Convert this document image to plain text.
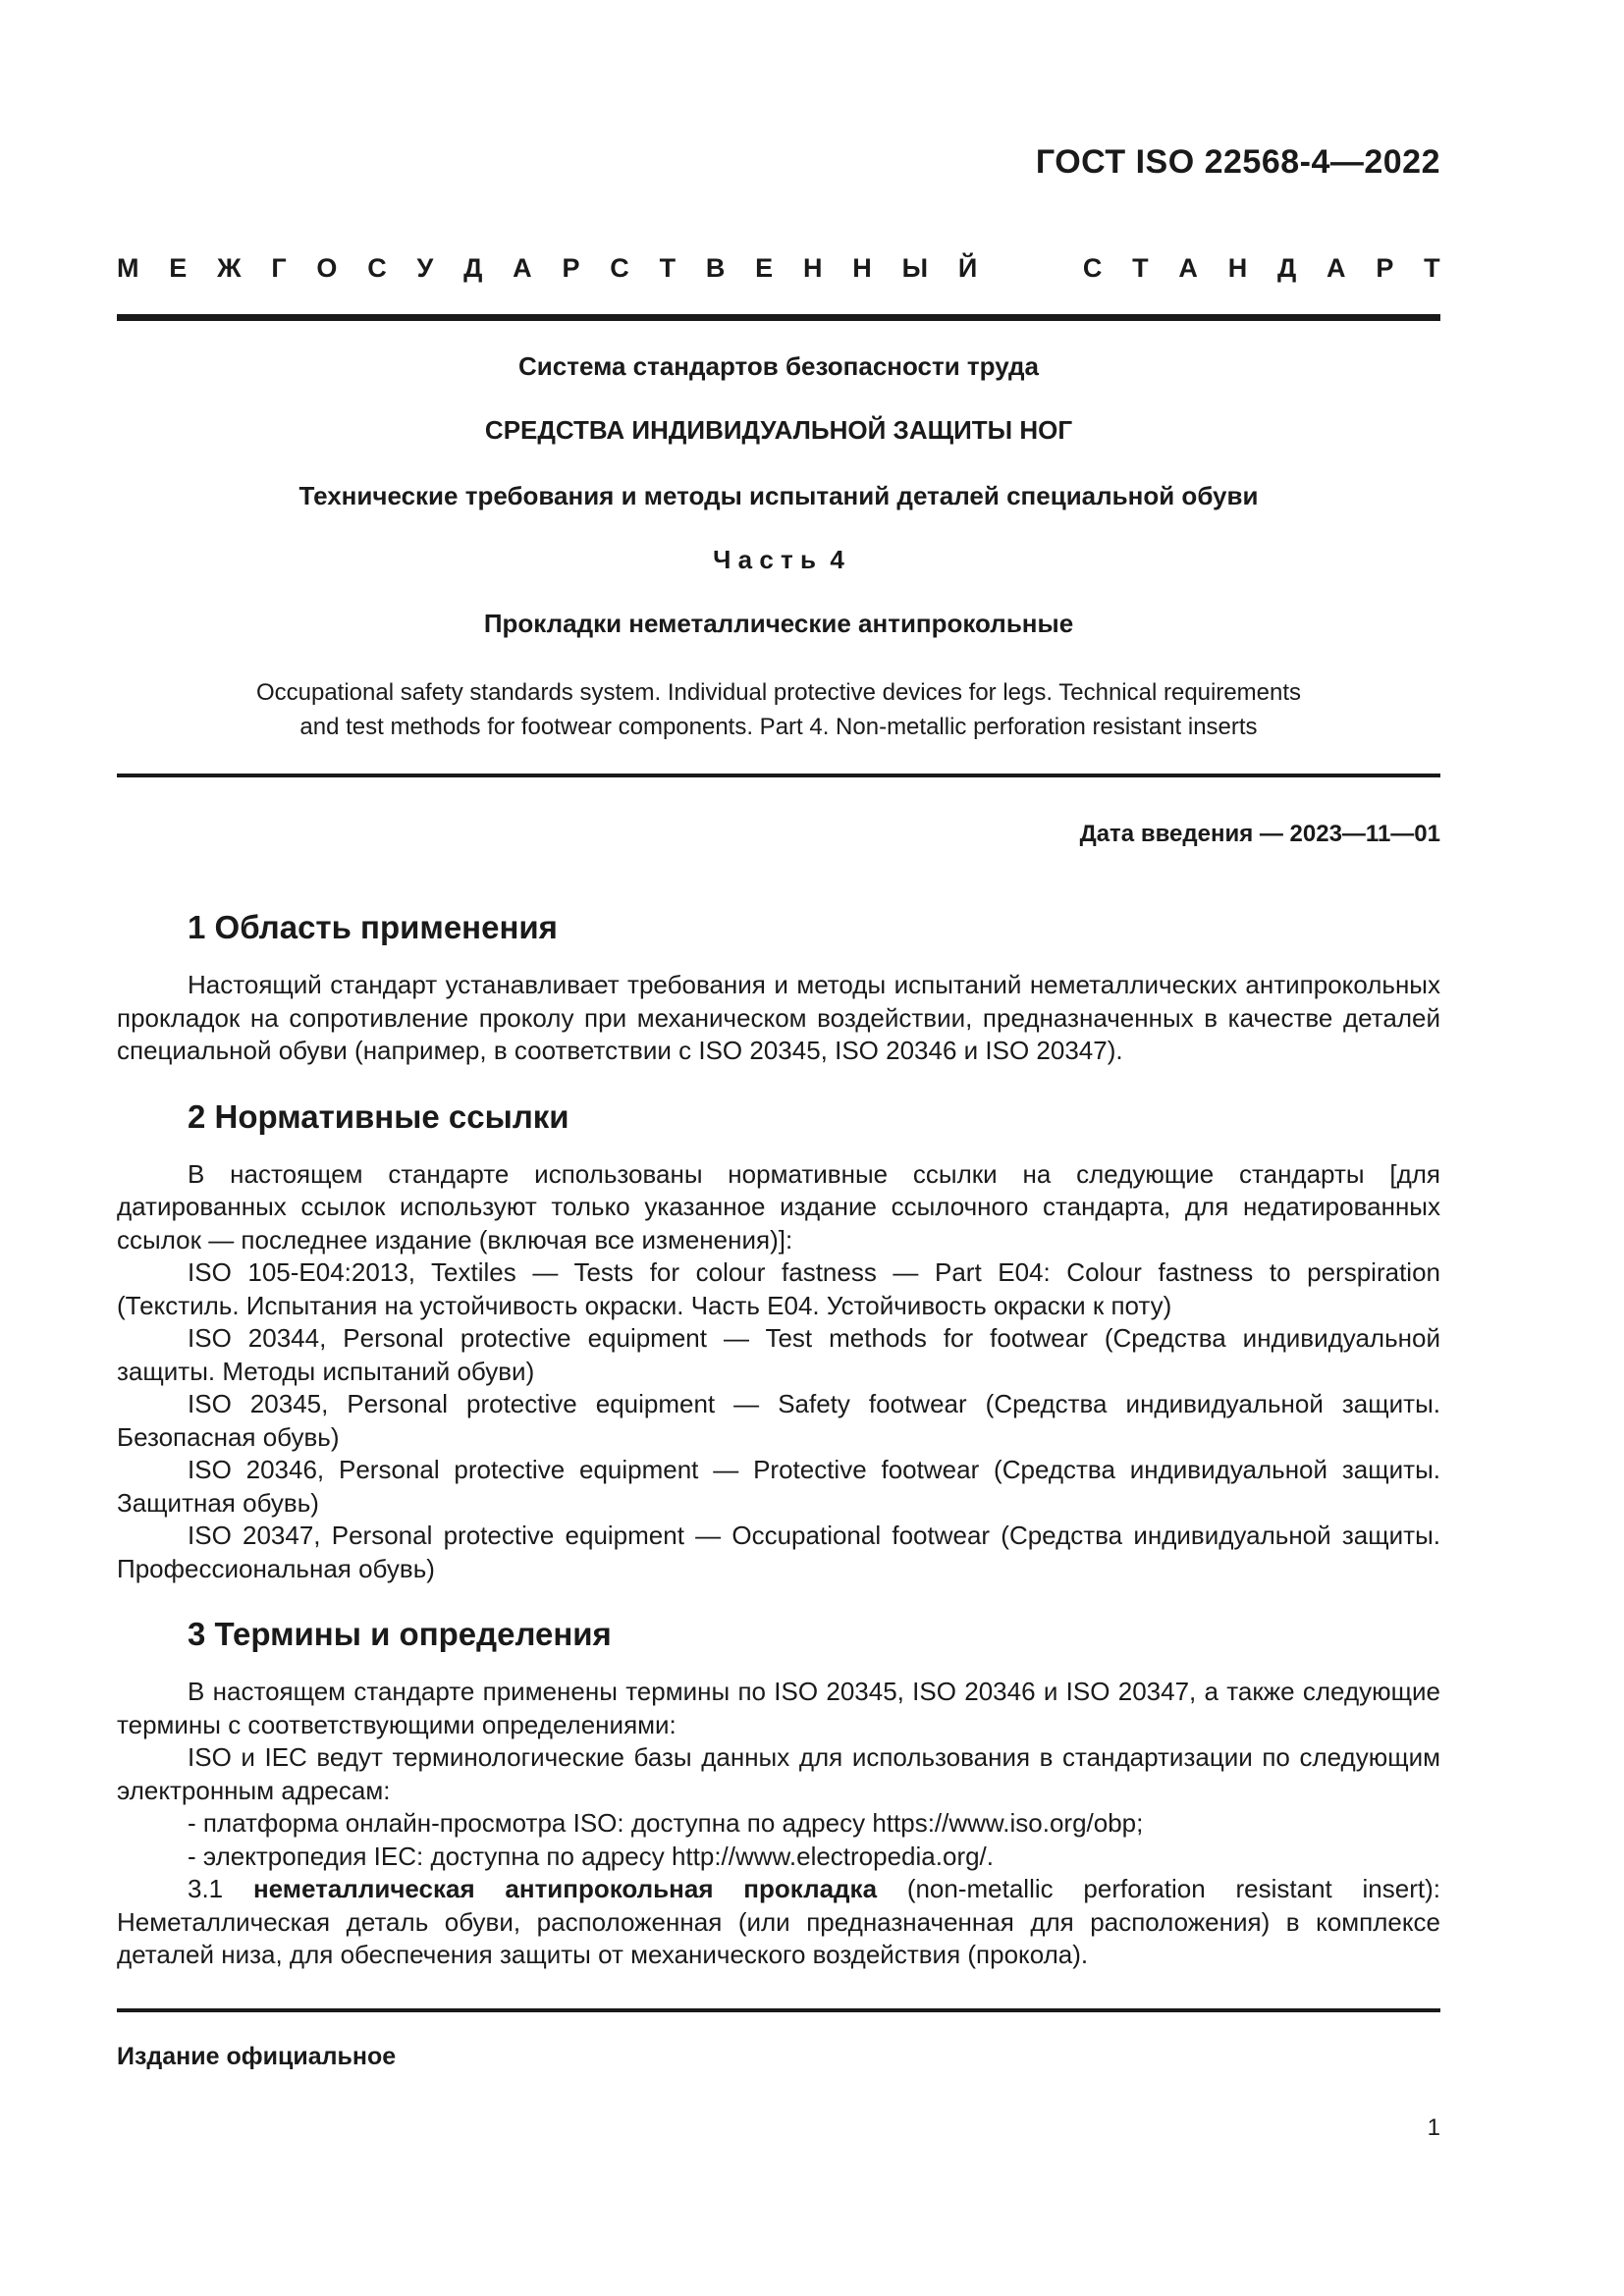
ГОСТ ISO 22568-4—2022
М Е Ж Г О С У Д А Р С Т В Е Н Н Ы Й	С Т А Н Д А Р Т
Система стандартов безопасности труда
СРЕДСТВА ИНДИВИДУАЛЬНОЙ ЗАЩИТЫ НОГ
Технические требования и методы испытаний деталей специальной обуви
Ч а с т ь  4
Прокладки неметаллические антипрокольные
Occupational safety standards system. Individual protective devices for legs. Technical requirements
and test methods for footwear components. Part 4. Non-metallic perforation resistant inserts
Дата введения — 2023—11—01
1 Область применения

Настоящий стандарт устанавливает требования и методы испытаний неметаллических антипрокольных прокладок на сопротивление проколу при механическом воздействии, предназначенных в качестве деталей специальной обуви (например, в соответствии с ISO 20345, ISO 20346 и ISO 20347).

2 Нормативные ссылки

В настоящем стандарте использованы нормативные ссылки на следующие стандарты [для датированных ссылок используют только указанное издание ссылочного стандарта, для недатированных ссылок — последнее издание (включая все изменения)]:

ISO 105-E04:2013, Textiles — Tests for colour fastness — Part E04: Colour fastness to perspiration (Текстиль. Испытания на устойчивость окраски. Часть E04. Устойчивость окраски к поту)

ISO 20344, Personal protective equipment — Test methods for footwear (Средства индивидуальной защиты. Методы испытаний обуви)

ISO 20345, Personal protective equipment — Safety footwear (Средства индивидуальной защиты. Безопасная обувь)

ISO 20346, Personal protective equipment — Protective footwear (Средства индивидуальной защиты. Защитная обувь)

ISO 20347, Personal protective equipment — Occupational footwear (Средства индивидуальной защиты. Профессиональная обувь)

3 Термины и определения

В настоящем стандарте применены термины по ISO 20345, ISO 20346 и ISO 20347, а также следующие термины с соответствующими определениями:

ISO и IEC ведут терминологические базы данных для использования в стандартизации по следующим электронным адресам:

- платформа онлайн-просмотра ISO: доступна по адресу https://www.iso.org/obp;

- электропедия IEC: доступна по адресу http://www.electropedia.org/.

3.1 неметаллическая антипрокольная прокладка (non-metallic perforation resistant insert): Неметаллическая деталь обуви, расположенная (или предназначенная для расположения) в комплексе деталей низа, для обеспечения защиты от механического воздействия (прокола).

Издание официальное
1
